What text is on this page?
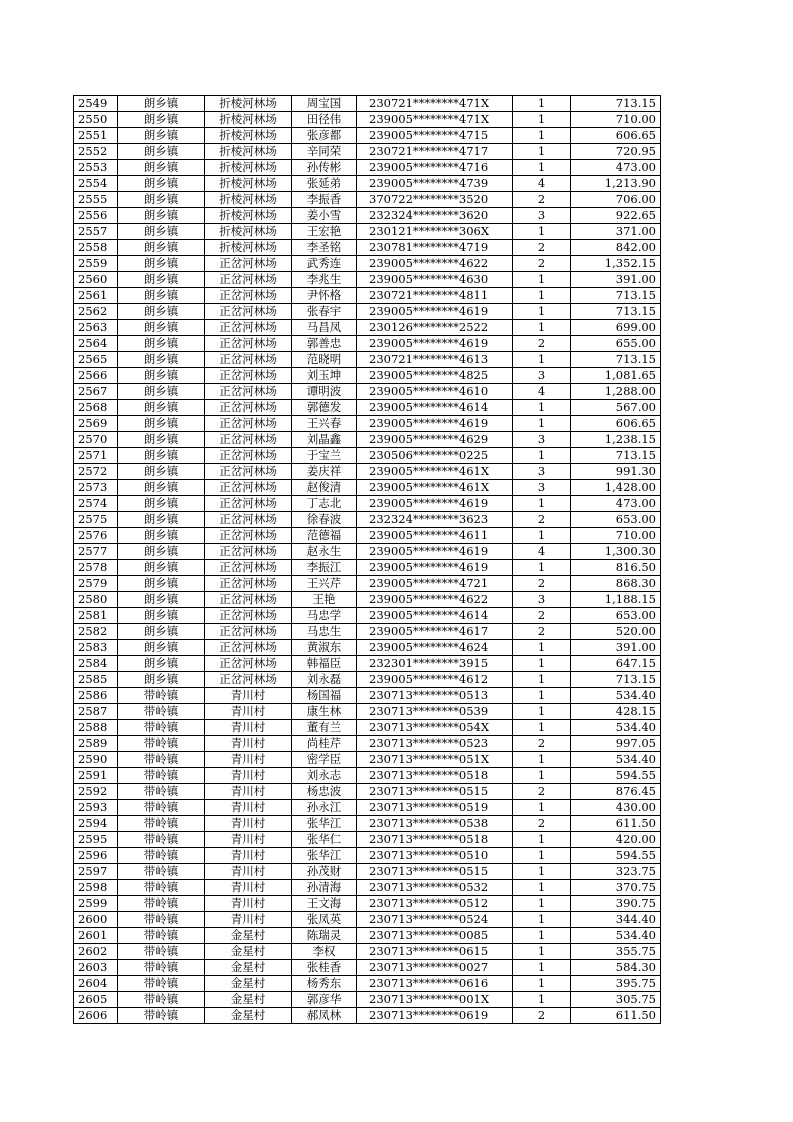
2549	朗乡镇	折棱河林场	周宝国	230721********471X	1	713.15
2550	朗乡镇	折棱河林场	田径伟	239005********471X	1	710.00
2551	朗乡镇	折棱河林场	张彦都	239005********4715	1	606.65
2552	朗乡镇	折棱河林场	辛同荣	230721********4717	1	720.95
2553	朗乡镇	折棱河林场	孙传彬	239005********4716	1	473.00
2554	朗乡镇	折棱河林场	张延弟	239005********4739	4	1,213.90
2555	朗乡镇	折棱河林场	李振香	370722********3520	2	706.00
2556	朗乡镇	折棱河林场	姜小雪	232324********3620	3	922.65
2557	朗乡镇	折棱河林场	王宏艳	230121********306X	1	371.00
2558	朗乡镇	折棱河林场	李圣铭	230781********4719	2	842.00
2559	朗乡镇	正岔河林场	武秀连	239005********4622	2	1,352.15
2560	朗乡镇	正岔河林场	李兆生	239005********4630	1	391.00
2561	朗乡镇	正岔河林场	尹怀格	230721********4811	1	713.15
2562	朗乡镇	正岔河林场	张春宇	239005********4619	1	713.15
2563	朗乡镇	正岔河林场	马昌凤	230126********2522	1	699.00
2564	朗乡镇	正岔河林场	郭善忠	239005********4619	2	655.00
2565	朗乡镇	正岔河林场	范晓明	230721********4613	1	713.15
2566	朗乡镇	正岔河林场	刘玉坤	239005********4825	3	1,081.65
2567	朗乡镇	正岔河林场	谭明波	239005********4610	4	1,288.00
2568	朗乡镇	正岔河林场	郭德发	239005********4614	1	567.00
2569	朗乡镇	正岔河林场	王兴春	239005********4619	1	606.65
2570	朗乡镇	正岔河林场	刘晶鑫	239005********4629	3	1,238.15
2571	朗乡镇	正岔河林场	于宝兰	230506********0225	1	713.15
2572	朗乡镇	正岔河林场	姜庆祥	239005********461X	3	991.30
2573	朗乡镇	正岔河林场	赵俊清	239005********461X	3	1,428.00
2574	朗乡镇	正岔河林场	丁志北	239005********4619	1	473.00
2575	朗乡镇	正岔河林场	徐春波	232324********3623	2	653.00
2576	朗乡镇	正岔河林场	范德福	239005********4611	1	710.00
2577	朗乡镇	正岔河林场	赵永生	239005********4619	4	1,300.30
2578	朗乡镇	正岔河林场	李振江	239005********4619	1	816.50
2579	朗乡镇	正岔河林场	王兴芹	239005********4721	2	868.30
2580	朗乡镇	正岔河林场	王艳	239005********4622	3	1,188.15
2581	朗乡镇	正岔河林场	马忠学	239005********4614	2	653.00
2582	朗乡镇	正岔河林场	马忠生	239005********4617	2	520.00
2583	朗乡镇	正岔河林场	黄淑东	239005********4624	1	391.00
2584	朗乡镇	正岔河林场	韩福臣	232301********3915	1	647.15
2585	朗乡镇	正岔河林场	刘永磊	239005********4612	1	713.15
2586	带岭镇	青川村	杨国福	230713********0513	1	534.40
2587	带岭镇	青川村	康生林	230713********0539	1	428.15
2588	带岭镇	青川村	董有兰	230713********054X	1	534.40
2589	带岭镇	青川村	尚桂芹	230713********0523	2	997.05
2590	带岭镇	青川村	密学臣	230713********051X	1	534.40
2591	带岭镇	青川村	刘永志	230713********0518	1	594.55
2592	带岭镇	青川村	杨忠波	230713********0515	2	876.45
2593	带岭镇	青川村	孙永江	230713********0519	1	430.00
2594	带岭镇	青川村	张华江	230713********0538	2	611.50
2595	带岭镇	青川村	张华仁	230713********0518	1	420.00
2596	带岭镇	青川村	张华江	230713********0510	1	594.55
2597	带岭镇	青川村	孙茂财	230713********0515	1	323.75
2598	带岭镇	青川村	孙清海	230713********0532	1	370.75
2599	带岭镇	青川村	王文海	230713********0512	1	390.75
2600	带岭镇	青川村	张凤英	230713********0524	1	344.40
2601	带岭镇	金星村	陈瑞灵	230713********0085	1	534.40
2602	带岭镇	金星村	李权	230713********0615	1	355.75
2603	带岭镇	金星村	张桂香	230713********0027	1	584.30
2604	带岭镇	金星村	杨秀东	230713********0616	1	395.75
2605	带岭镇	金星村	郭彦华	230713********001X	1	305.75
2606	带岭镇	金星村	郝凤林	230713********0619	2	611.50
